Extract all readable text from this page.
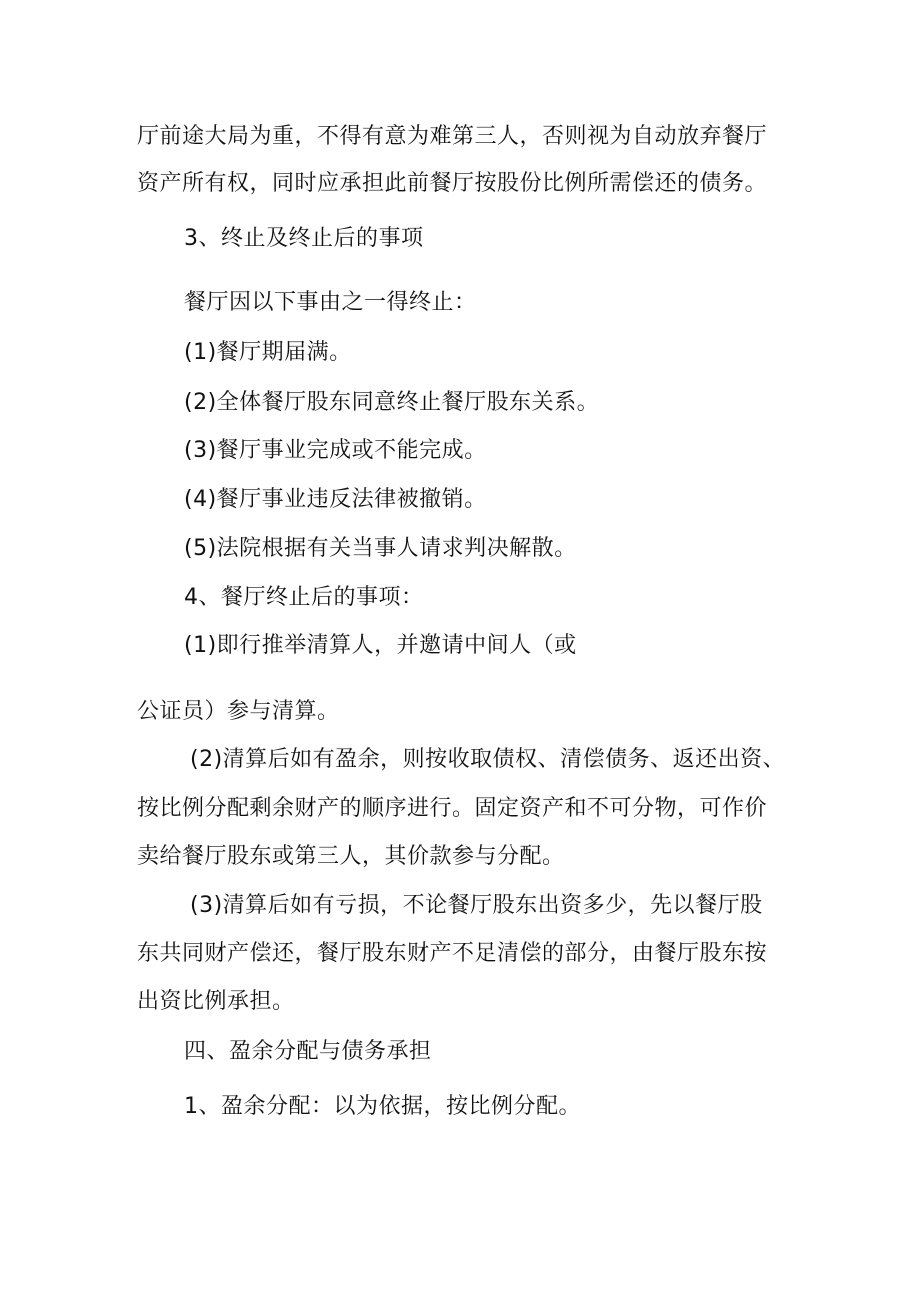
厅前途大局为重，不得有意为难第三人，否则视为自动放弃餐厅
资产所有权，同时应承担此前餐厅按股份比例所需偿还的债务。
3、终止及终止后的事项
餐厅因以下事由之一得终止：
(1)餐厅期届满。
(2)全体餐厅股东同意终止餐厅股东关系。
(3)餐厅事业完成或不能完成。
(4)餐厅事业违反法律被撤销。
(5)法院根据有关当事人请求判决解散。
4、餐厅终止后的事项：
(1)即行推举清算人，并邀请中间人（或
公证员）参与清算。
(2)清算后如有盈余，则按收取债权、清偿债务、返还出资、
按比例分配剩余财产的顺序进行。固定资产和不可分物，可作价
卖给餐厅股东或第三人，其价款参与分配。
(3)清算后如有亏损，不论餐厅股东出资多少，先以餐厅股
东共同财产偿还，餐厅股东财产不足清偿的部分，由餐厅股东按
出资比例承担。
四、盈余分配与债务承担
1、盈余分配：以为依据，按比例分配。
